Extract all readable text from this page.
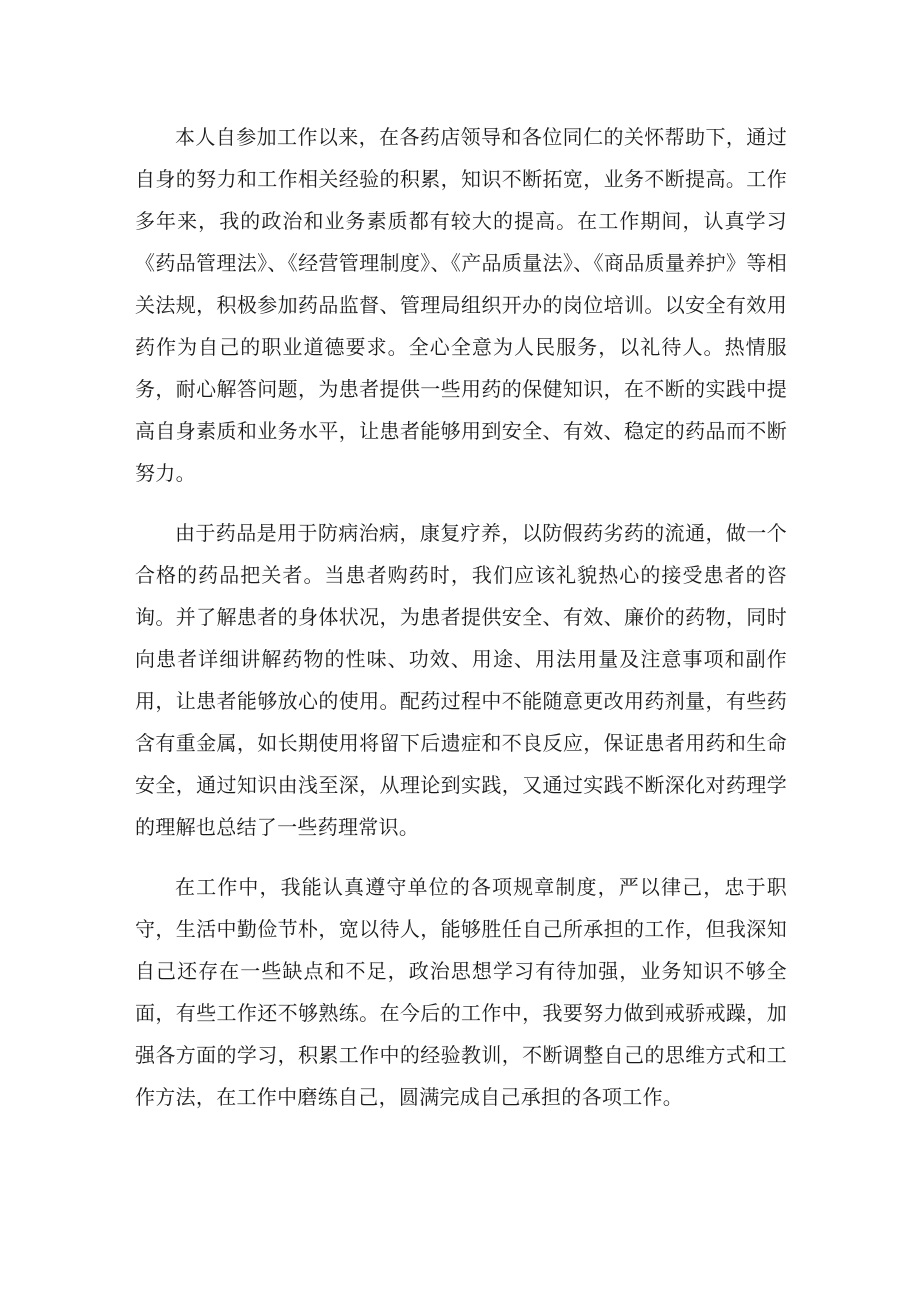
本人自参加工作以来，在各药店领导和各位同仁的关怀帮助下，通过自身的努力和工作相关经验的积累，知识不断拓宽，业务不断提高。工作多年来，我的政治和业务素质都有较大的提高。在工作期间，认真学习《药品管理法》、《经营管理制度》、《产品质量法》、《商品质量养护》等相关法规，积极参加药品监督、管理局组织开办的岗位培训。以安全有效用药作为自己的职业道德要求。全心全意为人民服务，以礼待人。热情服务，耐心解答问题，为患者提供一些用药的保健知识，在不断的实践中提高自身素质和业务水平，让患者能够用到安全、有效、稳定的药品而不断努力。

由于药品是用于防病治病，康复疗养，以防假药劣药的流通，做一个合格的药品把关者。当患者购药时，我们应该礼貌热心的接受患者的咨询。并了解患者的身体状况，为患者提供安全、有效、廉价的药物，同时向患者详细讲解药物的性味、功效、用途、用法用量及注意事项和副作用，让患者能够放心的使用。配药过程中不能随意更改用药剂量，有些药含有重金属，如长期使用将留下后遗症和不良反应，保证患者用药和生命安全，通过知识由浅至深，从理论到实践，又通过实践不断深化对药理学的理解也总结了一些药理常识。

在工作中，我能认真遵守单位的各项规章制度，严以律己，忠于职守，生活中勤俭节朴，宽以待人，能够胜任自己所承担的工作，但我深知自己还存在一些缺点和不足，政治思想学习有待加强，业务知识不够全面，有些工作还不够熟练。在今后的工作中，我要努力做到戒骄戒躁，加强各方面的学习，积累工作中的经验教训，不断调整自己的思维方式和工作方法，在工作中磨练自己，圆满完成自己承担的各项工作。
